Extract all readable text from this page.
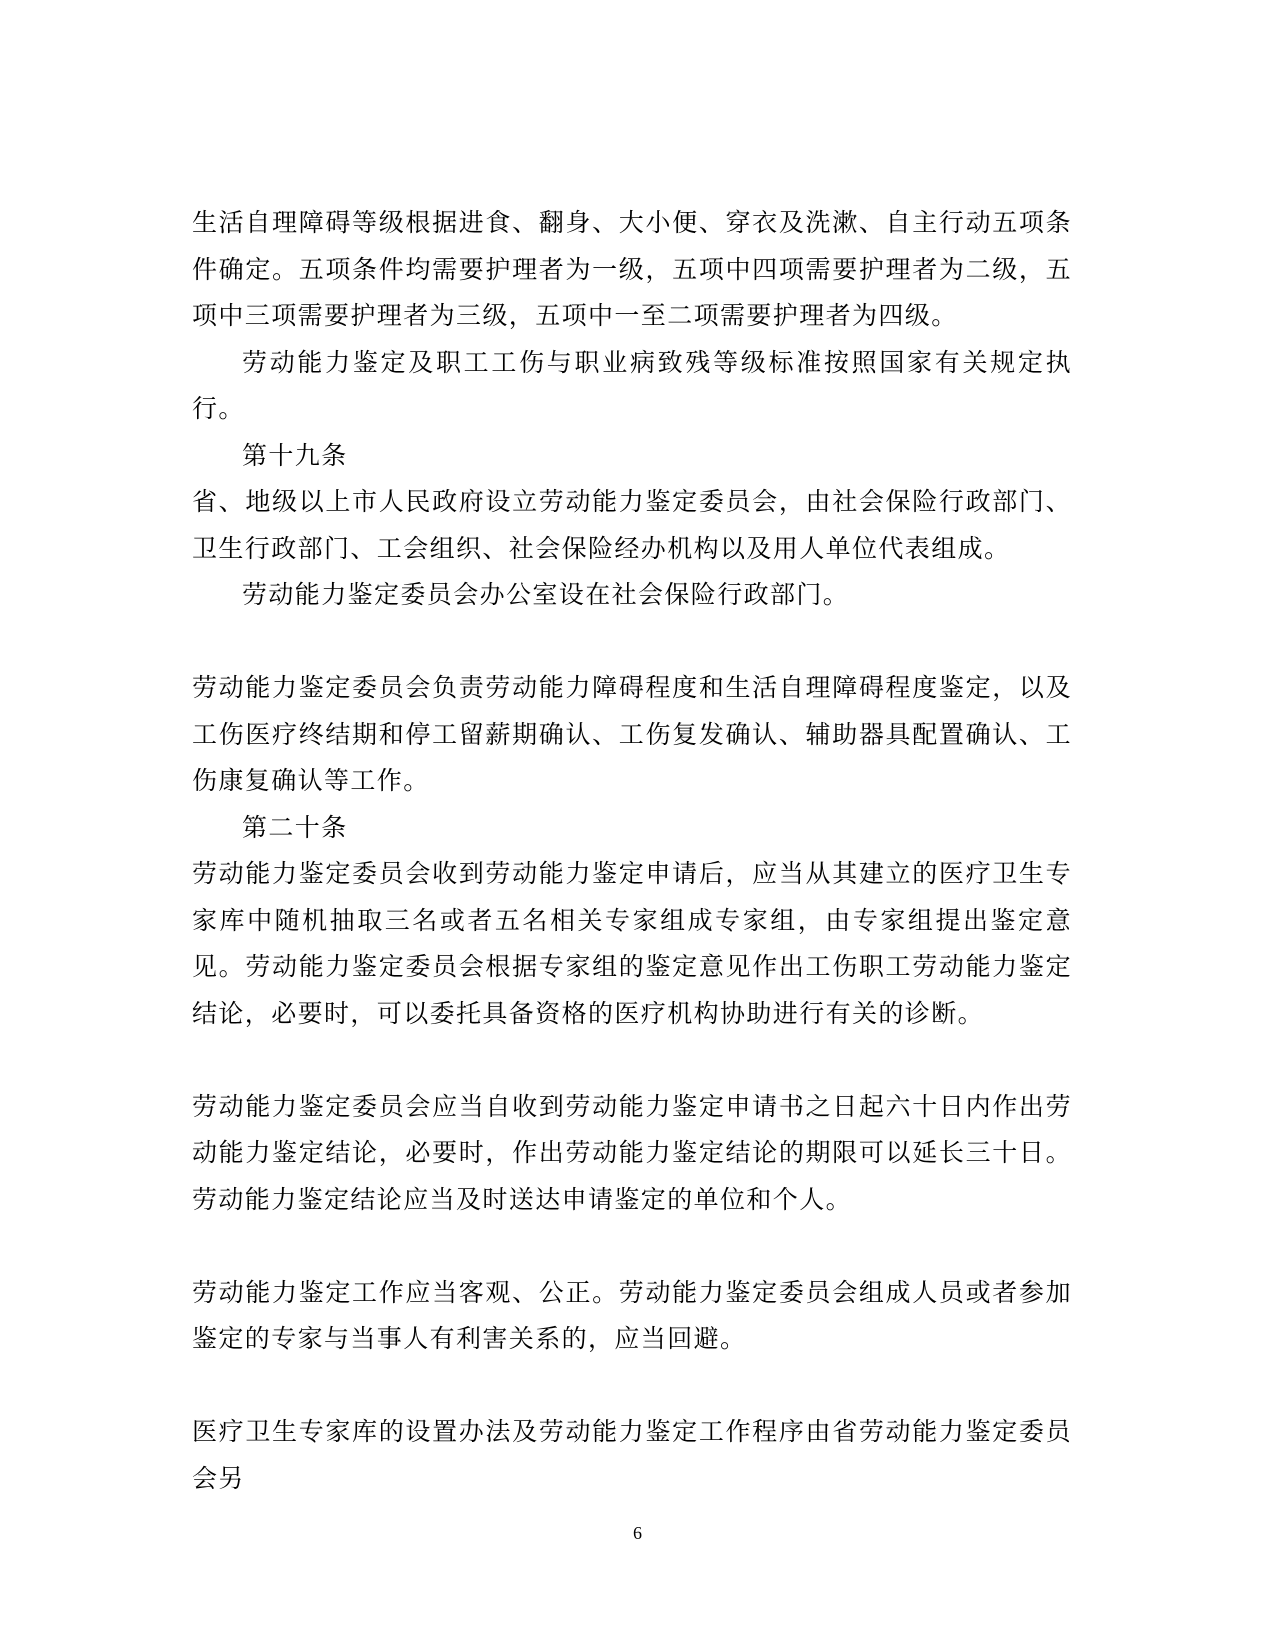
生活自理障碍等级根据进食、翻身、大小便、穿衣及洗漱、自主行动五项条件确定。五项条件均需要护理者为一级，五项中四项需要护理者为二级，五项中三项需要护理者为三级，五项中一至二项需要护理者为四级。

劳动能力鉴定及职工工伤与职业病致残等级标准按照国家有关规定执行。

第十九条

省、地级以上市人民政府设立劳动能力鉴定委员会，由社会保险行政部门、卫生行政部门、工会组织、社会保险经办机构以及用人单位代表组成。

劳动能力鉴定委员会办公室设在社会保险行政部门。

劳动能力鉴定委员会负责劳动能力障碍程度和生活自理障碍程度鉴定，以及工伤医疗终结期和停工留薪期确认、工伤复发确认、辅助器具配置确认、工伤康复确认等工作。

第二十条

劳动能力鉴定委员会收到劳动能力鉴定申请后，应当从其建立的医疗卫生专家库中随机抽取三名或者五名相关专家组成专家组，由专家组提出鉴定意见。劳动能力鉴定委员会根据专家组的鉴定意见作出工伤职工劳动能力鉴定结论，必要时，可以委托具备资格的医疗机构协助进行有关的诊断。

劳动能力鉴定委员会应当自收到劳动能力鉴定申请书之日起六十日内作出劳动能力鉴定结论，必要时，作出劳动能力鉴定结论的期限可以延长三十日。劳动能力鉴定结论应当及时送达申请鉴定的单位和个人。

劳动能力鉴定工作应当客观、公正。劳动能力鉴定委员会组成人员或者参加鉴定的专家与当事人有利害关系的，应当回避。

医疗卫生专家库的设置办法及劳动能力鉴定工作程序由省劳动能力鉴定委员会另

6
